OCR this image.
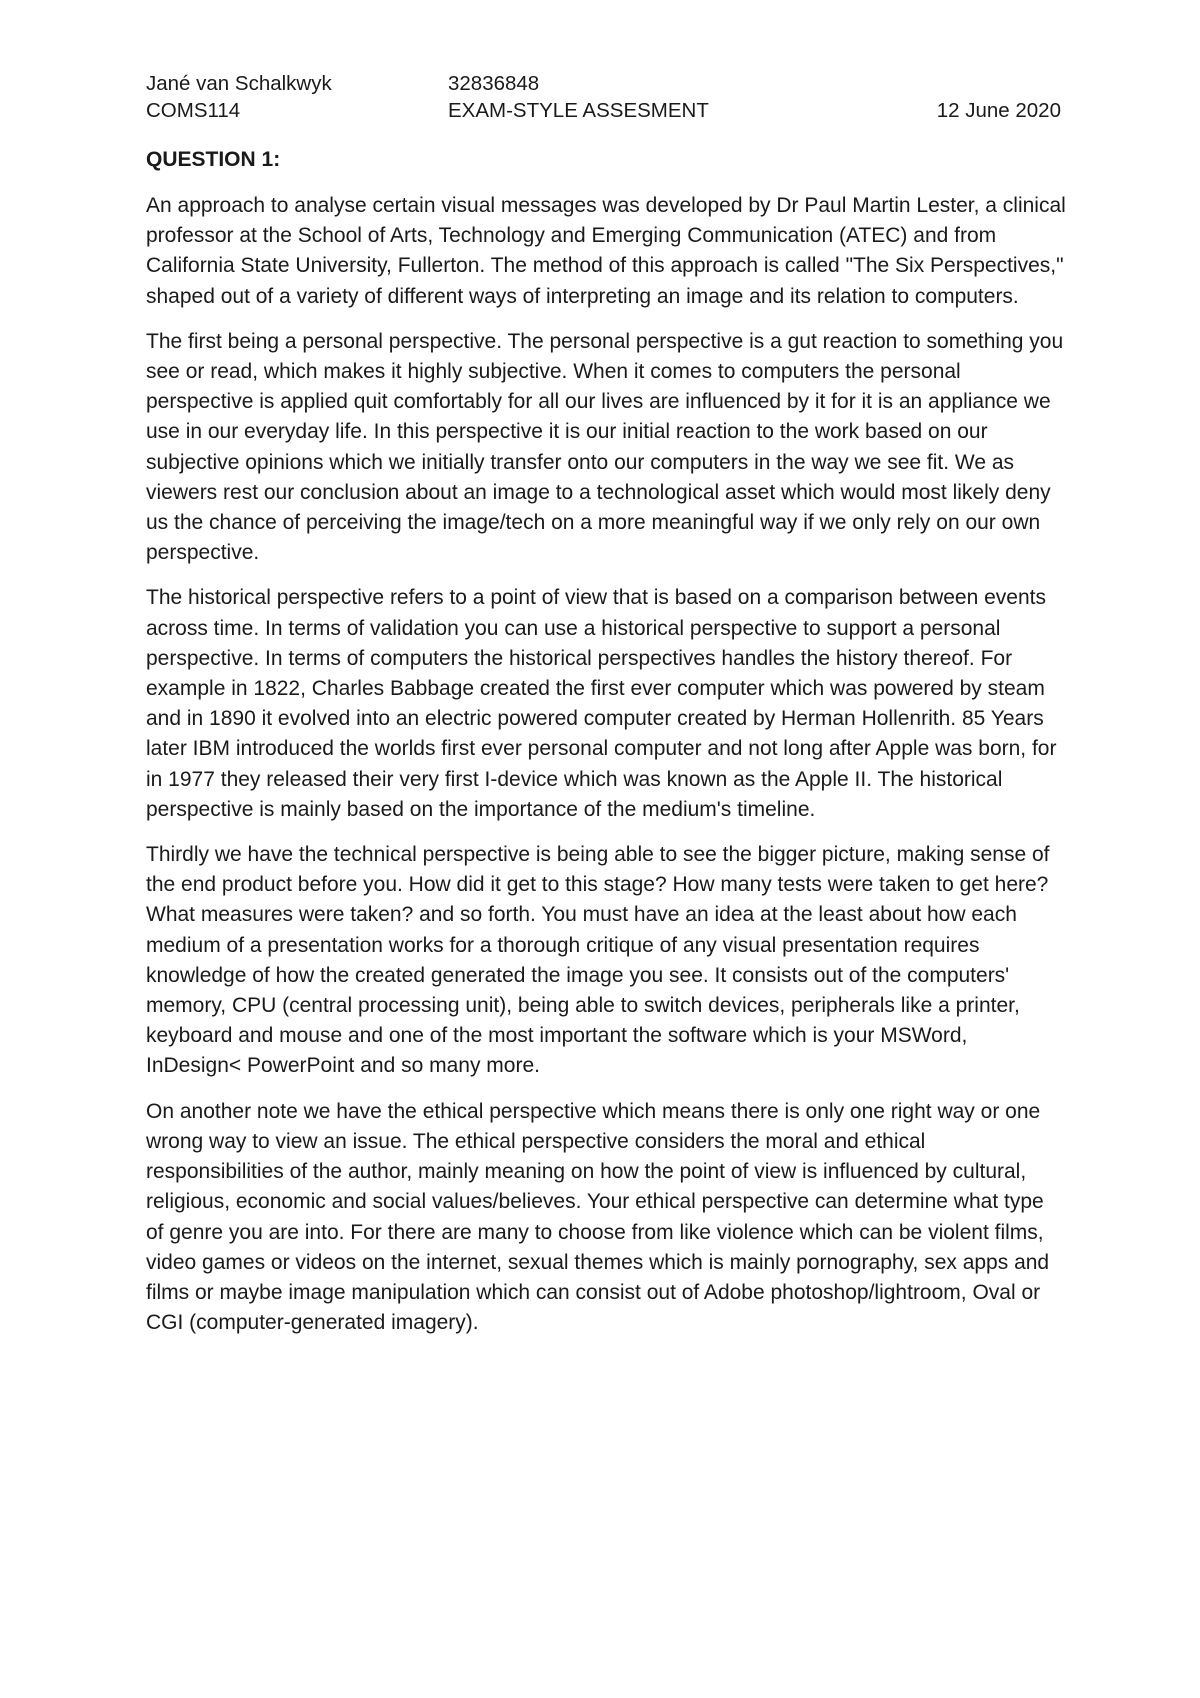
Jané van Schalkwyk	32836848
COMS114	EXAM-STYLE ASSESMENT	12 June 2020
QUESTION 1:

An approach to analyse certain visual messages was developed by Dr Paul Martin Lester, a clinical professor at the School of Arts, Technology and Emerging Communication (ATEC) and from California State University, Fullerton. The method of this approach is called "The Six Perspectives," shaped out of a variety of different ways of interpreting an image and its relation to computers.

The first being a personal perspective. The personal perspective is a gut reaction to something you see or read, which makes it highly subjective. When it comes to computers the personal perspective is applied quit comfortably for all our lives are influenced by it for it is an appliance we use in our everyday life. In this perspective it is our initial reaction to the work based on our subjective opinions which we initially transfer onto our computers in the way we see fit. We as viewers rest our conclusion about an image to a technological asset which would most likely deny us the chance of perceiving the image/tech on a more meaningful way if we only rely on our own perspective.

The historical perspective refers to a point of view that is based on a comparison between events across time. In terms of validation you can use a historical perspective to support a personal perspective. In terms of computers the historical perspectives handles the history thereof. For example in 1822, Charles Babbage created the first ever computer which was powered by steam and in 1890 it evolved into an electric powered computer created by Herman Hollenrith. 85 Years later IBM introduced the worlds first ever personal computer and not long after Apple was born, for in 1977 they released their very first I-device which was known as the Apple II. The historical perspective is mainly based on the importance of the medium's timeline.

Thirdly we have the technical perspective is being able to see the bigger picture, making sense of the end product before you. How did it get to this stage? How many tests were taken to get here? What measures were taken? and so forth. You must have an idea at the least about how each medium of a presentation works for a thorough critique of any visual presentation requires knowledge of how the created generated the image you see. It consists out of the computers' memory, CPU (central processing unit), being able to switch devices, peripherals like a printer, keyboard and mouse and one of the most important the software which is your MSWord, InDesign< PowerPoint and so many more.

On another note we have the ethical perspective which means there is only one right way or one wrong way to view an issue. The ethical perspective considers the moral and ethical responsibilities of the author, mainly meaning on how the point of view is influenced by cultural, religious, economic and social values/believes. Your ethical perspective can determine what type of genre you are into. For there are many to choose from like violence which can be violent films, video games or videos on the internet, sexual themes which is mainly pornography, sex apps and films or maybe image manipulation which can consist out of Adobe photoshop/lightroom, Oval or CGI (computer-generated imagery).
